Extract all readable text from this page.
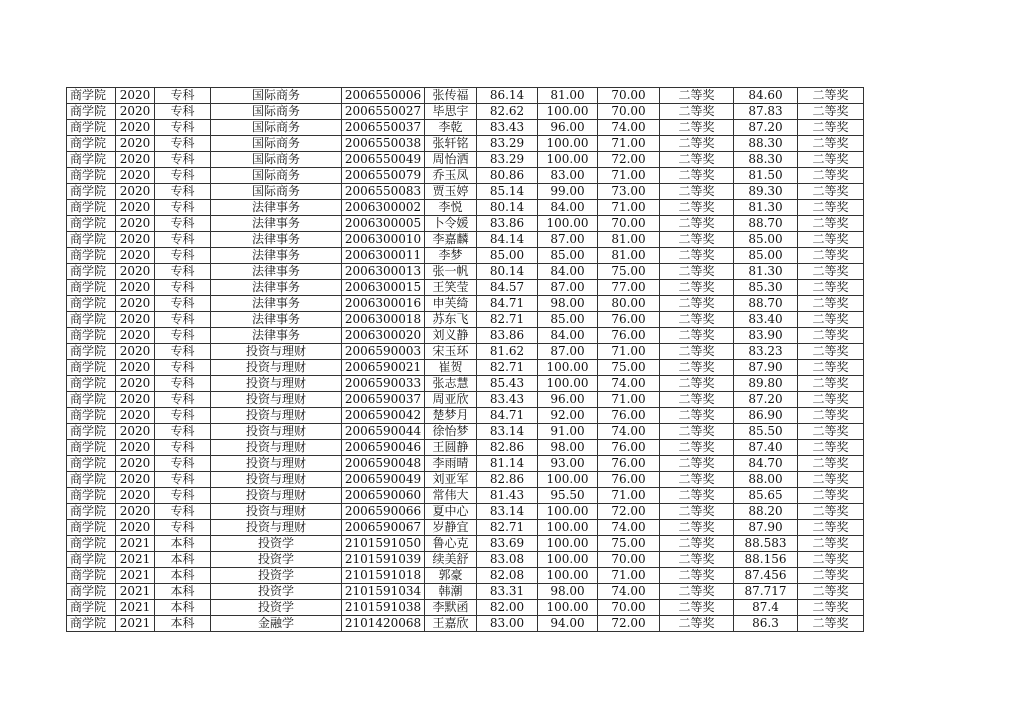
商学院	2020	专科	国际商务	2006550006	张传福	86.14	81.00	70.00	二等奖	84.60	二等奖
商学院	2020	专科	国际商务	2006550027	毕思宇	82.62	100.00	70.00	二等奖	87.83	二等奖
商学院	2020	专科	国际商务	2006550037	李乾	83.43	96.00	74.00	二等奖	87.20	二等奖
商学院	2020	专科	国际商务	2006550038	张轩铭	83.29	100.00	71.00	二等奖	88.30	二等奖
商学院	2020	专科	国际商务	2006550049	周怡洒	83.29	100.00	72.00	二等奖	88.30	二等奖
商学院	2020	专科	国际商务	2006550079	乔玉凤	80.86	83.00	71.00	二等奖	81.50	二等奖
商学院	2020	专科	国际商务	2006550083	贾玉婷	85.14	99.00	73.00	二等奖	89.30	二等奖
商学院	2020	专科	法律事务	2006300002	李悦	80.14	84.00	71.00	二等奖	81.30	二等奖
商学院	2020	专科	法律事务	2006300005	卜令媛	83.86	100.00	70.00	二等奖	88.70	二等奖
商学院	2020	专科	法律事务	2006300010	李嘉麟	84.14	87.00	81.00	二等奖	85.00	二等奖
商学院	2020	专科	法律事务	2006300011	李梦	85.00	85.00	81.00	二等奖	85.00	二等奖
商学院	2020	专科	法律事务	2006300013	张一帆	80.14	84.00	75.00	二等奖	81.30	二等奖
商学院	2020	专科	法律事务	2006300015	王笑莹	84.57	87.00	77.00	二等奖	85.30	二等奖
商学院	2020	专科	法律事务	2006300016	申芙绮	84.71	98.00	80.00	二等奖	88.70	二等奖
商学院	2020	专科	法律事务	2006300018	苏东飞	82.71	85.00	76.00	二等奖	83.40	二等奖
商学院	2020	专科	法律事务	2006300020	刘义静	83.86	84.00	76.00	二等奖	83.90	二等奖
商学院	2020	专科	投资与理财	2006590003	宋玉环	81.62	87.00	71.00	二等奖	83.23	二等奖
商学院	2020	专科	投资与理财	2006590021	崔贺	82.71	100.00	75.00	二等奖	87.90	二等奖
商学院	2020	专科	投资与理财	2006590033	张志慧	85.43	100.00	74.00	二等奖	89.80	二等奖
商学院	2020	专科	投资与理财	2006590037	周亚欣	83.43	96.00	71.00	二等奖	87.20	二等奖
商学院	2020	专科	投资与理财	2006590042	楚梦月	84.71	92.00	76.00	二等奖	86.90	二等奖
商学院	2020	专科	投资与理财	2006590044	徐怡梦	83.14	91.00	74.00	二等奖	85.50	二等奖
商学院	2020	专科	投资与理财	2006590046	王圆静	82.86	98.00	76.00	二等奖	87.40	二等奖
商学院	2020	专科	投资与理财	2006590048	李雨晴	81.14	93.00	76.00	二等奖	84.70	二等奖
商学院	2020	专科	投资与理财	2006590049	刘亚军	82.86	100.00	76.00	二等奖	88.00	二等奖
商学院	2020	专科	投资与理财	2006590060	常伟大	81.43	95.50	71.00	二等奖	85.65	二等奖
商学院	2020	专科	投资与理财	2006590066	夏中心	83.14	100.00	72.00	二等奖	88.20	二等奖
商学院	2020	专科	投资与理财	2006590067	岁静宜	82.71	100.00	74.00	二等奖	87.90	二等奖
商学院	2021	本科	投资学	2101591050	鲁心克	83.69	100.00	75.00	二等奖	88.583	二等奖
商学院	2021	本科	投资学	2101591039	续美舒	83.08	100.00	70.00	二等奖	88.156	二等奖
商学院	2021	本科	投资学	2101591018	郭豪	82.08	100.00	71.00	二等奖	87.456	二等奖
商学院	2021	本科	投资学	2101591034	韩潮	83.31	98.00	74.00	二等奖	87.717	二等奖
商学院	2021	本科	投资学	2101591038	李默函	82.00	100.00	70.00	二等奖	87.4	二等奖
商学院	2021	本科	金融学	2101420068	王嘉欣	83.00	94.00	72.00	二等奖	86.3	二等奖
